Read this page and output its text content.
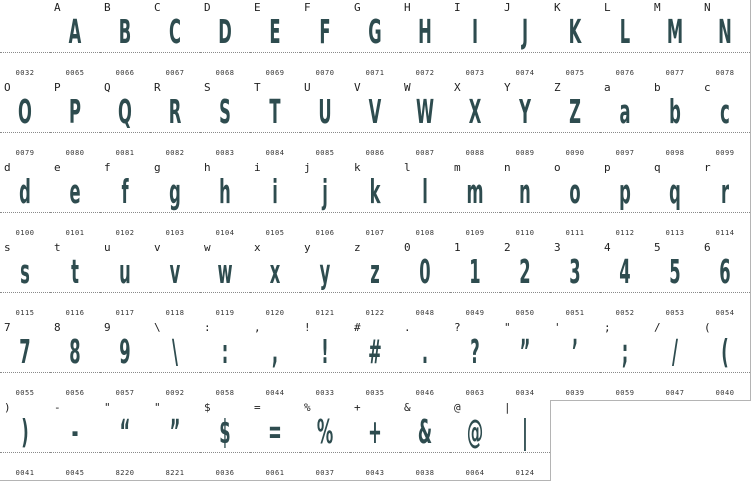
0032
A
A
0065
B
B
0066
C
C
0067
D
D
0068
E
E
0069
F
F
0070
G
G
0071
H
H
0072
I
I
0073
J
J
0074
K
K
0075
L
L
0076
M
M
0077
N
N
0078
O
O
0079
P
P
0080
Q
Q
0081
R
R
0082
S
S
0083
T
T
0084
U
U
0085
V
V
0086
W
W
0087
X
X
0088
Y
Y
0089
Z
Z
0090
a
a
0097
b
b
0098
c
c
0099
d
d
0100
e
e
0101
f
f
0102
g
g
0103
h
h
0104
i
i
0105
j
j
0106
k
k
0107
l
l
0108
m
m
0109
n
n
0110
o
o
0111
p
p
0112
q
q
0113
r
r
0114
s
s
0115
t
t
0116
u
u
0117
v
v
0118
w
w
0119
x
x
0120
y
y
0121
z
z
0122
0
0
0048
1
1
0049
2
2
0050
3
3
0051
4
4
0052
5
5
0053
6
6
0054
7
7
0055
8
8
0056
9
9
0057
\
\
0092
:
:
0058
,
,
0044
!
!
0033
#
#
0035
.
.
0046
?
?
0063
"
”
0034
'
’
0039
;
;
0059
/
/
0047
(
(
0040
)
)
0041
-
-
0045
"
“
8220
"
”
8221
$
$
0036
=
=
0061
%
%
0037
+
+
0043
&
&
0038
@
@
0064
|
|
0124
